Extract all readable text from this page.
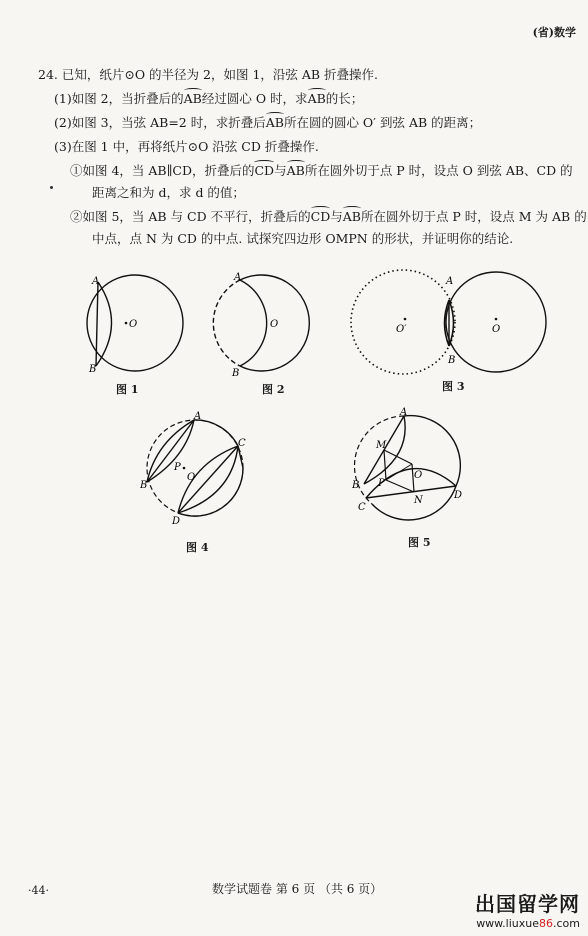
(省)数学
24. 已知，纸片⊙O 的半径为 2，如图 1，沿弦 AB 折叠操作.
(1)如图 2，当折叠后的AB经过圆心 O 时，求AB的长；
(2)如图 3，当弦 AB=2 时，求折叠后AB所在圆的圆心 O′ 到弦 AB 的距离；
(3)在图 1 中，再将纸片⊙O 沿弦 CD 折叠操作.
①如图 4，当 AB∥CD，折叠后的CD与AB所在圆外切于点 P 时，设点 O 到弦 AB、CD 的
距离之和为 d，求 d 的值；
②如图 5，当 AB 与 CD 不平行，折叠后的CD与AB所在圆外切于点 P 时，设点 M 为 AB 的
中点，点 N 为 CD 的中点. 试探究四边形 OMPN 的形状，并证明你的结论.
A
B
O
图 1
A
B
O
图 2
A
B
O
O′
图 3
A
B
C
D
P
O
图 4
A
B
C
D
M
P
O
N
图 5
·44·	数学试题卷 第 6 页 （共 6 页）
出国留学网
www.liuxue86.com
